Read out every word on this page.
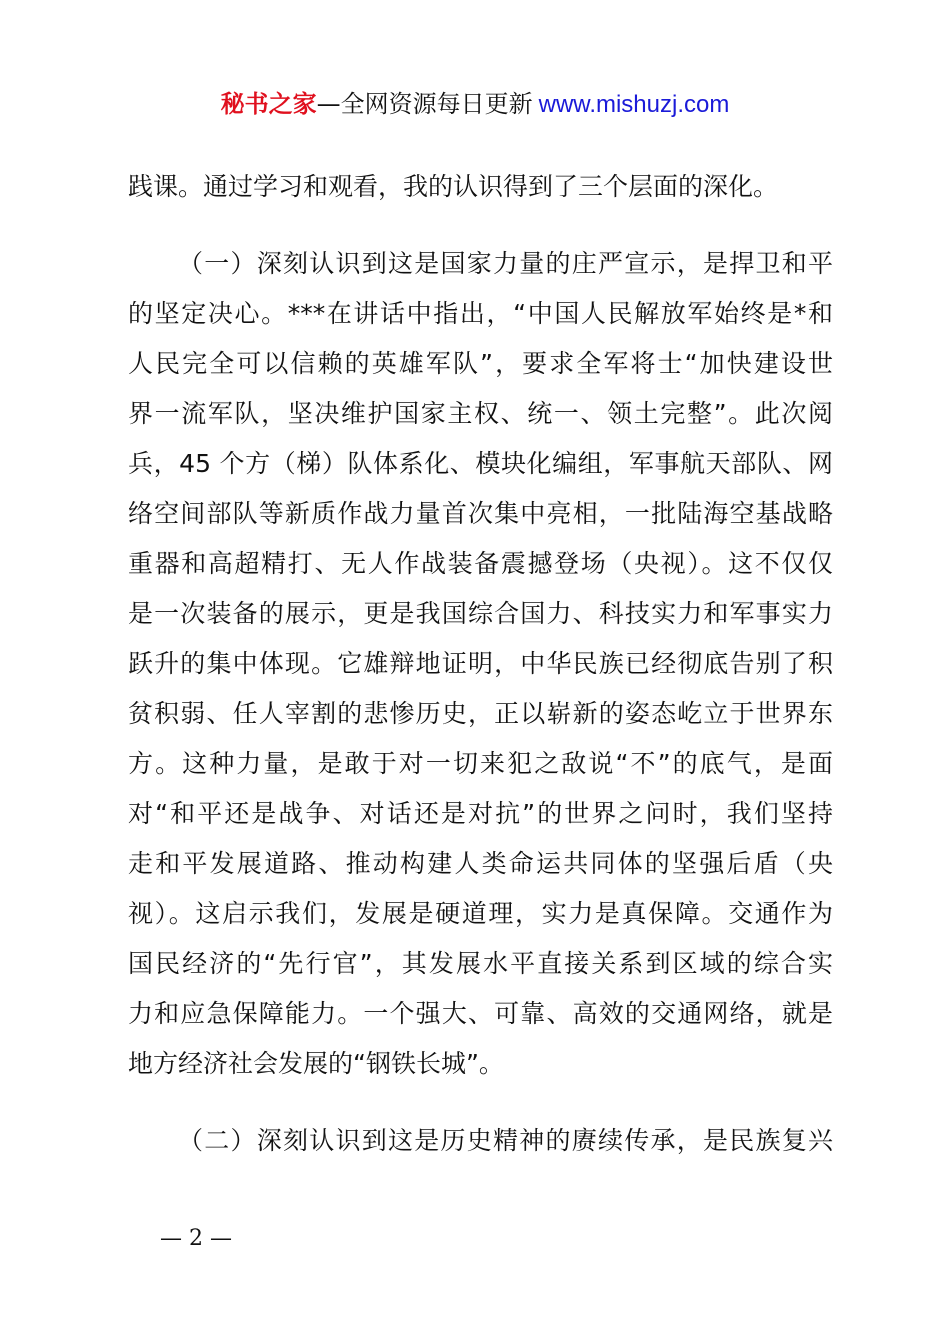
秘书之家—全网资源每日更新 www.mishuzj.com
践课。通过学习和观看，我的认识得到了三个层面的深化。
（一）深刻认识到这是国家力量的庄严宣示，是捍卫和平
的坚定决心。***在讲话中指出，“中国人民解放军始终是*和
人民完全可以信赖的英雄军队”，要求全军将士“加快建设世
界一流军队，坚决维护国家主权、统一、领土完整”。此次阅
兵，45 个方（梯）队体系化、模块化编组，军事航天部队、网
络空间部队等新质作战力量首次集中亮相，一批陆海空基战略
重器和高超精打、无人作战装备震撼登场（央视）。这不仅仅
是一次装备的展示，更是我国综合国力、科技实力和军事实力
跃升的集中体现。它雄辩地证明，中华民族已经彻底告别了积
贫积弱、任人宰割的悲惨历史，正以崭新的姿态屹立于世界东
方。这种力量，是敢于对一切来犯之敌说“不”的底气，是面
对“和平还是战争、对话还是对抗”的世界之问时，我们坚持
走和平发展道路、推动构建人类命运共同体的坚强后盾（央
视）。这启示我们，发展是硬道理，实力是真保障。交通作为
国民经济的“先行官”，其发展水平直接关系到区域的综合实
力和应急保障能力。一个强大、可靠、高效的交通网络，就是
地方经济社会发展的“钢铁长城”。
（二）深刻认识到这是历史精神的赓续传承，是民族复兴
— 2 —
